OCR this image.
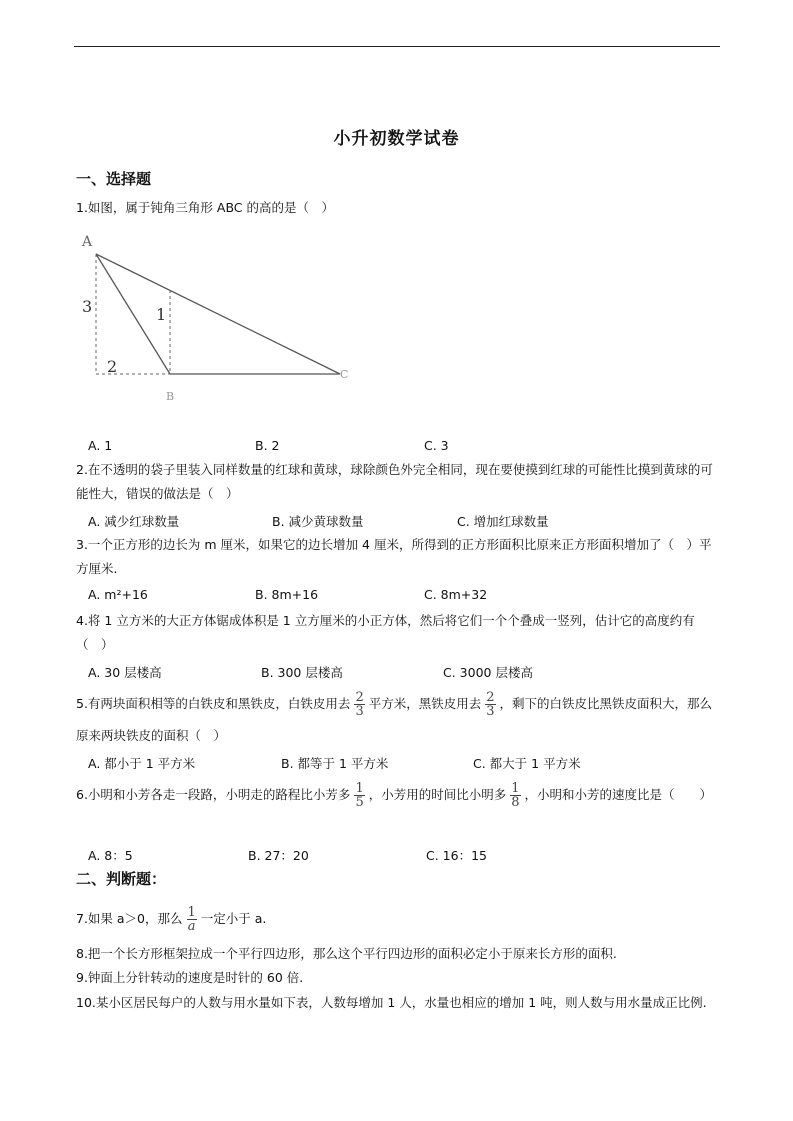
小升初数学试卷
一、选择题
1.如图，属于钝角三角形 ABC 的高的是（　）
A
B
C
1
2
3
A. 1	B. 2	C. 3
2.在不透明的袋子里装入同样数量的红球和黄球，球除颜色外完全相同，现在要使摸到红球的可能性比摸到黄球的可能性大，错误的做法是（　）
A. 减少红球数量	B. 减少黄球数量	C. 增加红球数量
3.一个正方形的边长为 m 厘米，如果它的边长增加 4 厘米，所得到的正方形面积比原来正方形面积增加了（　）平方厘米.
A. m²+16	B. 8m+16	C. 8m+32
4.将 1 立方米的大正方体锯成体积是 1 立方厘米的小正方体，然后将它们一个个叠成一竖列，估计它的高度约有（　）
A. 30 层楼高	B. 300 层楼高	C. 3000 层楼高
5.有两块面积相等的白铁皮和黑铁皮，白铁皮用去 $\frac{2}{3}$ 平方米，黑铁皮用去 $\frac{2}{3}$ ，剩下的白铁皮比黑铁皮面积大，那么原来两块铁皮的面积（　）
A. 都小于 1 平方米	B. 都等于 1 平方米	C. 都大于 1 平方米
6.小明和小芳各走一段路，小明走的路程比小芳多 $\frac{1}{5}$ ，小芳用的时间比小明多 $\frac{1}{8}$ ，小明和小芳的速度比是（　　）
A. 8：5	B. 27：20	C. 16：15
二、判断题：
7.如果 a＞0，那么 $\frac{1}{a}$ 一定小于 a.
8.把一个长方形框架拉成一个平行四边形，那么这个平行四边形的面积必定小于原来长方形的面积.
9.钟面上分针转动的速度是时针的 60 倍.
10.某小区居民每户的人数与用水量如下表，人数每增加 1 人，水量也相应的增加 1 吨，则人数与用水量成正比例.
